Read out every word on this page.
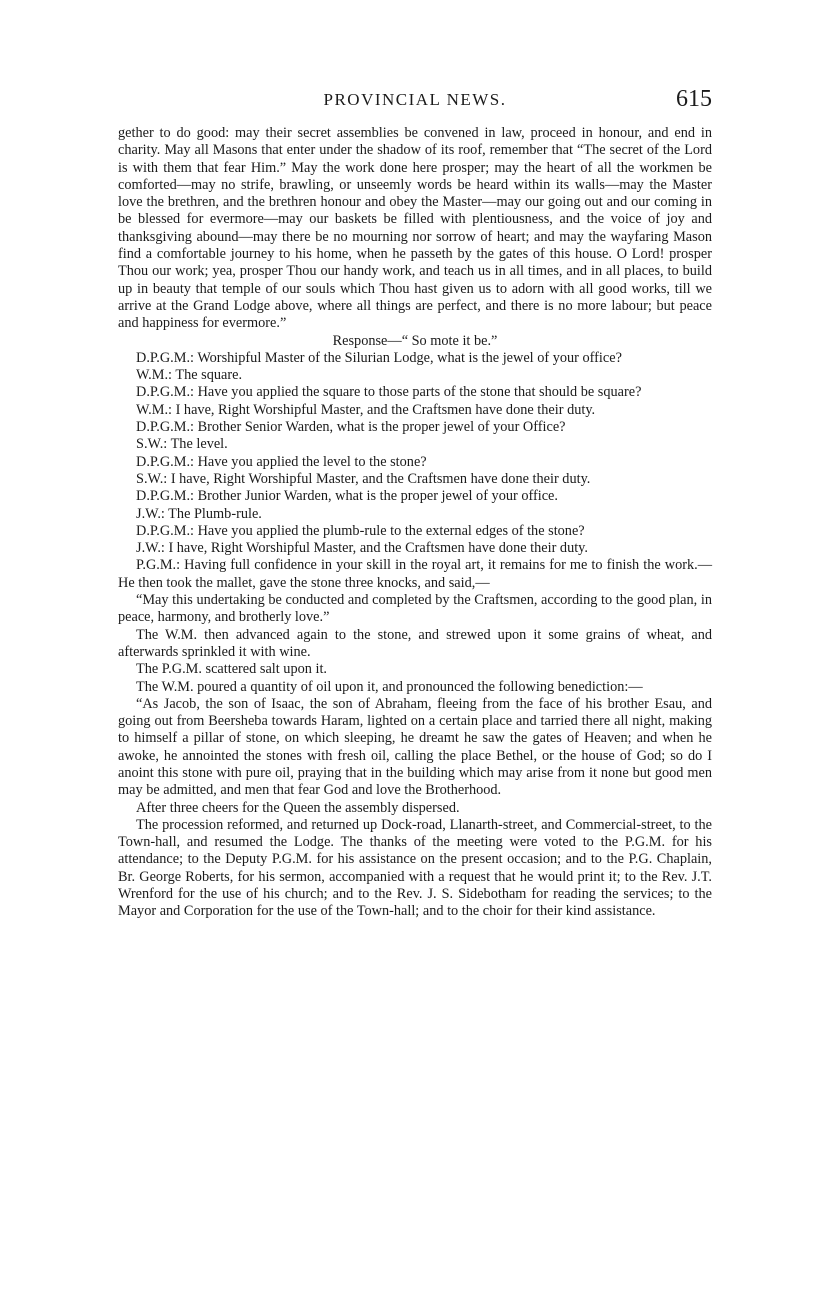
PROVINCIAL NEWS.	615

gether to do good: may their secret assemblies be convened in law, proceed in honour, and end in charity. May all Masons that enter under the shadow of its roof, remember that “The secret of the Lord is with them that fear Him.” May the work done here prosper; may the heart of all the workmen be comforted—may no strife, brawling, or unseemly words be heard within its walls—may the Master love the brethren, and the brethren honour and obey the Master—may our going out and our coming in be blessed for evermore—may our baskets be filled with plentiousness, and the voice of joy and thanksgiving abound—may there be no mourning nor sorrow of heart; and may the wayfaring Mason find a comfortable journey to his home, when he passeth by the gates of this house. O Lord! prosper Thou our work; yea, prosper Thou our handy work, and teach us in all times, and in all places, to build up in beauty that temple of our souls which Thou hast given us to adorn with all good works, till we arrive at the Grand Lodge above, where all things are perfect, and there is no more labour; but peace and happiness for evermore.”

Response—“ So mote it be.”

D.P.G.M.: Worshipful Master of the Silurian Lodge, what is the jewel of your office?

W.M.: The square.

D.P.G.M.: Have you applied the square to those parts of the stone that should be square?

W.M.: I have, Right Worshipful Master, and the Craftsmen have done their duty.

D.P.G.M.: Brother Senior Warden, what is the proper jewel of your Office?

S.W.: The level.

D.P.G.M.: Have you applied the level to the stone?

S.W.: I have, Right Worshipful Master, and the Craftsmen have done their duty.

D.P.G.M.: Brother Junior Warden, what is the proper jewel of your office.

J.W.: The Plumb-rule.

D.P.G.M.: Have you applied the plumb-rule to the external edges of the stone?

J.W.: I have, Right Worshipful Master, and the Craftsmen have done their duty.

P.G.M.: Having full confidence in your skill in the royal art, it remains for me to finish the work.—He then took the mallet, gave the stone three knocks, and said,—

“May this undertaking be conducted and completed by the Craftsmen, according to the good plan, in peace, harmony, and brotherly love.”

The W.M. then advanced again to the stone, and strewed upon it some grains of wheat, and afterwards sprinkled it with wine.

The P.G.M. scattered salt upon it.

The W.M. poured a quantity of oil upon it, and pronounced the following benediction:—

“As Jacob, the son of Isaac, the son of Abraham, fleeing from the face of his brother Esau, and going out from Beersheba towards Haram, lighted on a certain place and tarried there all night, making to himself a pillar of stone, on which sleeping, he dreamt he saw the gates of Heaven; and when he awoke, he annointed the stones with fresh oil, calling the place Bethel, or the house of God; so do I anoint this stone with pure oil, praying that in the building which may arise from it none but good men may be admitted, and men that fear God and love the Brotherhood.

After three cheers for the Queen the assembly dispersed.

The procession reformed, and returned up Dock-road, Llanarth-street, and Commercial-street, to the Town-hall, and resumed the Lodge. The thanks of the meeting were voted to the P.G.M. for his attendance; to the Deputy P.G.M. for his assistance on the present occasion; and to the P.G. Chaplain, Br. George Roberts, for his sermon, accompanied with a request that he would print it; to the Rev. J.T. Wrenford for the use of his church; and to the Rev. J. S. Sidebotham for reading the services; to the Mayor and Corporation for the use of the Town-hall; and to the choir for their kind assistance.
